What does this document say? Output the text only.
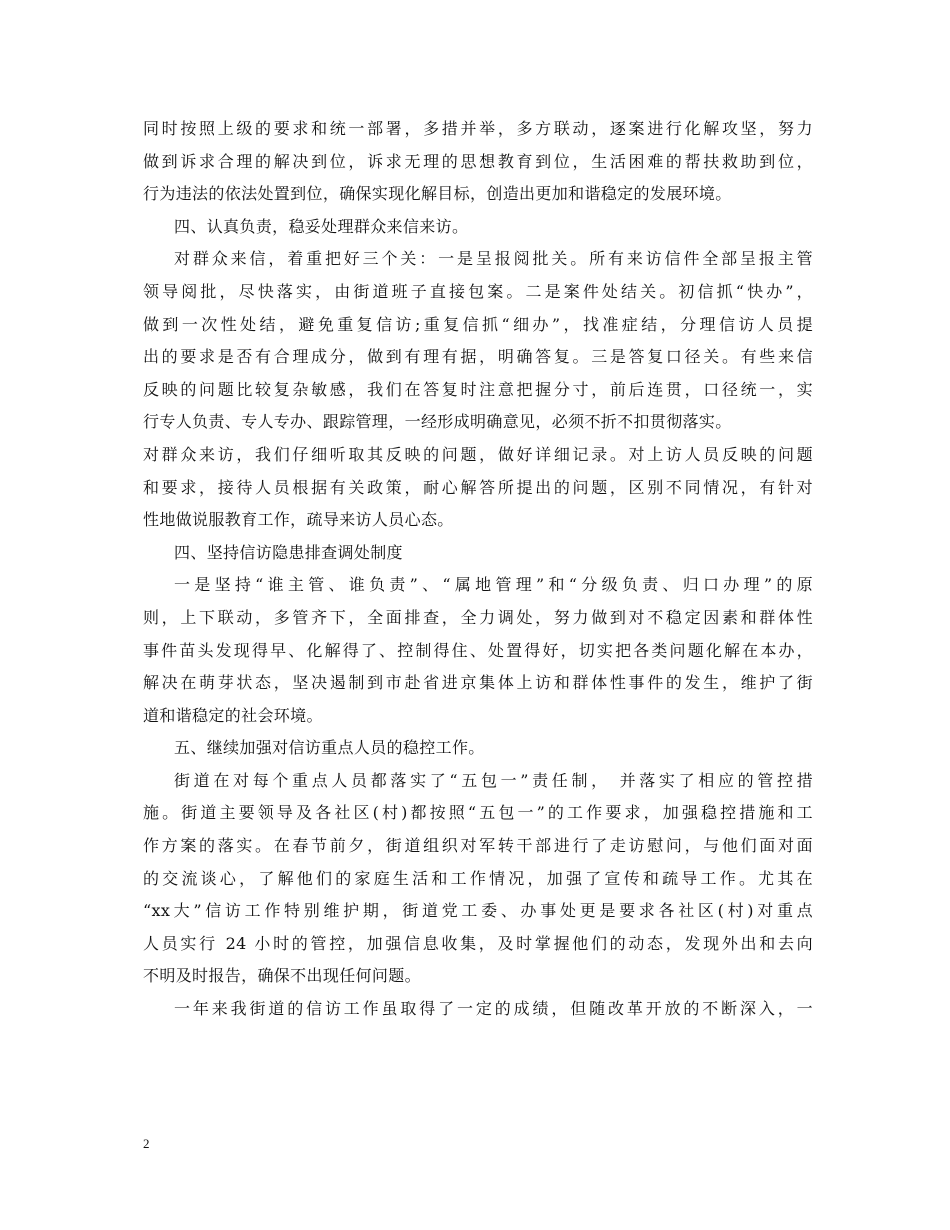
同时按照上级的要求和统一部署，多措并举，多方联动，逐案进行化解攻坚，努力
做到诉求合理的解决到位，诉求无理的思想教育到位，生活困难的帮扶救助到位，
行为违法的依法处置到位，确保实现化解目标，创造出更加和谐稳定的发展环境。
四、认真负责，稳妥处理群众来信来访。
对群众来信，着重把好三个关：一是呈报阅批关。所有来访信件全部呈报主管
领导阅批，尽快落实，由街道班子直接包案。二是案件处结关。初信抓“快办”，
做到一次性处结，避免重复信访;重复信抓“细办”，找准症结，分理信访人员提
出的要求是否有合理成分，做到有理有据，明确答复。三是答复口径关。有些来信
反映的问题比较复杂敏感，我们在答复时注意把握分寸，前后连贯，口径统一，实
行专人负责、专人专办、跟踪管理，一经形成明确意见，必须不折不扣贯彻落实。
对群众来访，我们仔细听取其反映的问题，做好详细记录。对上访人员反映的问题
和要求，接待人员根据有关政策，耐心解答所提出的问题，区别不同情况，有针对
性地做说服教育工作，疏导来访人员心态。
四、坚持信访隐患排查调处制度
一是坚持“谁主管、谁负责”、“属地管理”和“分级负责、归口办理”的原
则，上下联动，多管齐下，全面排查，全力调处，努力做到对不稳定因素和群体性
事件苗头发现得早、化解得了、控制得住、处置得好，切实把各类问题化解在本办，
解决在萌芽状态，坚决遏制到市赴省进京集体上访和群体性事件的发生，维护了街
道和谐稳定的社会环境。
五、继续加强对信访重点人员的稳控工作。
街道在对每个重点人员都落实了“五包一”责任制， 并落实了相应的管控措
施。街道主要领导及各社区(村)都按照“五包一”的工作要求，加强稳控措施和工
作方案的落实。在春节前夕，街道组织对军转干部进行了走访慰问，与他们面对面
的交流谈心，了解他们的家庭生活和工作情况，加强了宣传和疏导工作。尤其在
“xx大”信访工作特别维护期，街道党工委、办事处更是要求各社区(村)对重点
人员实行 24 小时的管控，加强信息收集，及时掌握他们的动态，发现外出和去向
不明及时报告，确保不出现任何问题。
一年来我街道的信访工作虽取得了一定的成绩，但随改革开放的不断深入，一
2
